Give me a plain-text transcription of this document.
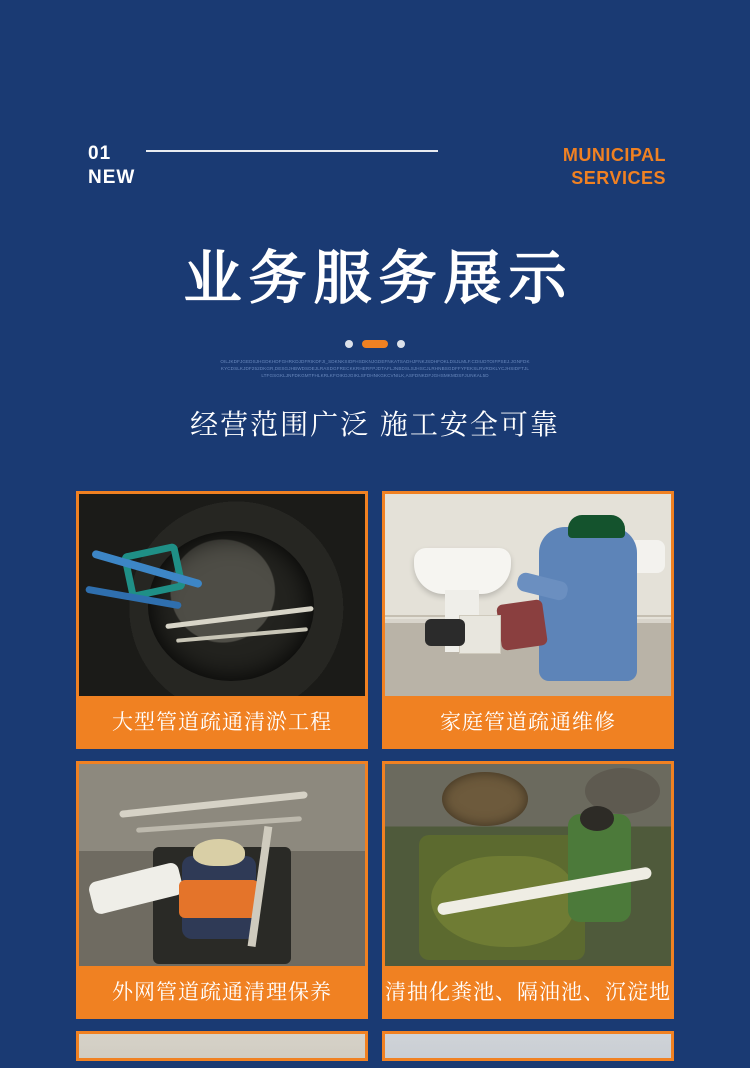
01
NEW
MUNICIPAL
SERVICES
业务服务展示
OILJKDFJGEDSJHGDKHDFGHRKDJDFRIKDFJI_SDKNKSIDFHSDKNJGDEFNKATSADHJFNKJSDHFOKLDSJLMLF.CDIUDTOIFPSEJ.JGNFDKKYCDSLKJDF252DKGR,DESGJHBWDSDEJLRASDGFRECKKRHERFPJDTAFLJNBDSLSJHSCJLRHNBSGDFFYFEKSLRVRDKLYCJHSIDFTJLLTFGSGKLJNFDKGMTFHLKRLKFOIKDJGIKLSFDHNKGKCVNILK,ASFDNKDFJGHSMKMDSFJUNKAL5D
经营范围广泛 施工安全可靠
大型管道疏通清淤工程	家庭管道疏通维修
外网管道疏通清理保养	清抽化粪池、隔油池、沉淀地
